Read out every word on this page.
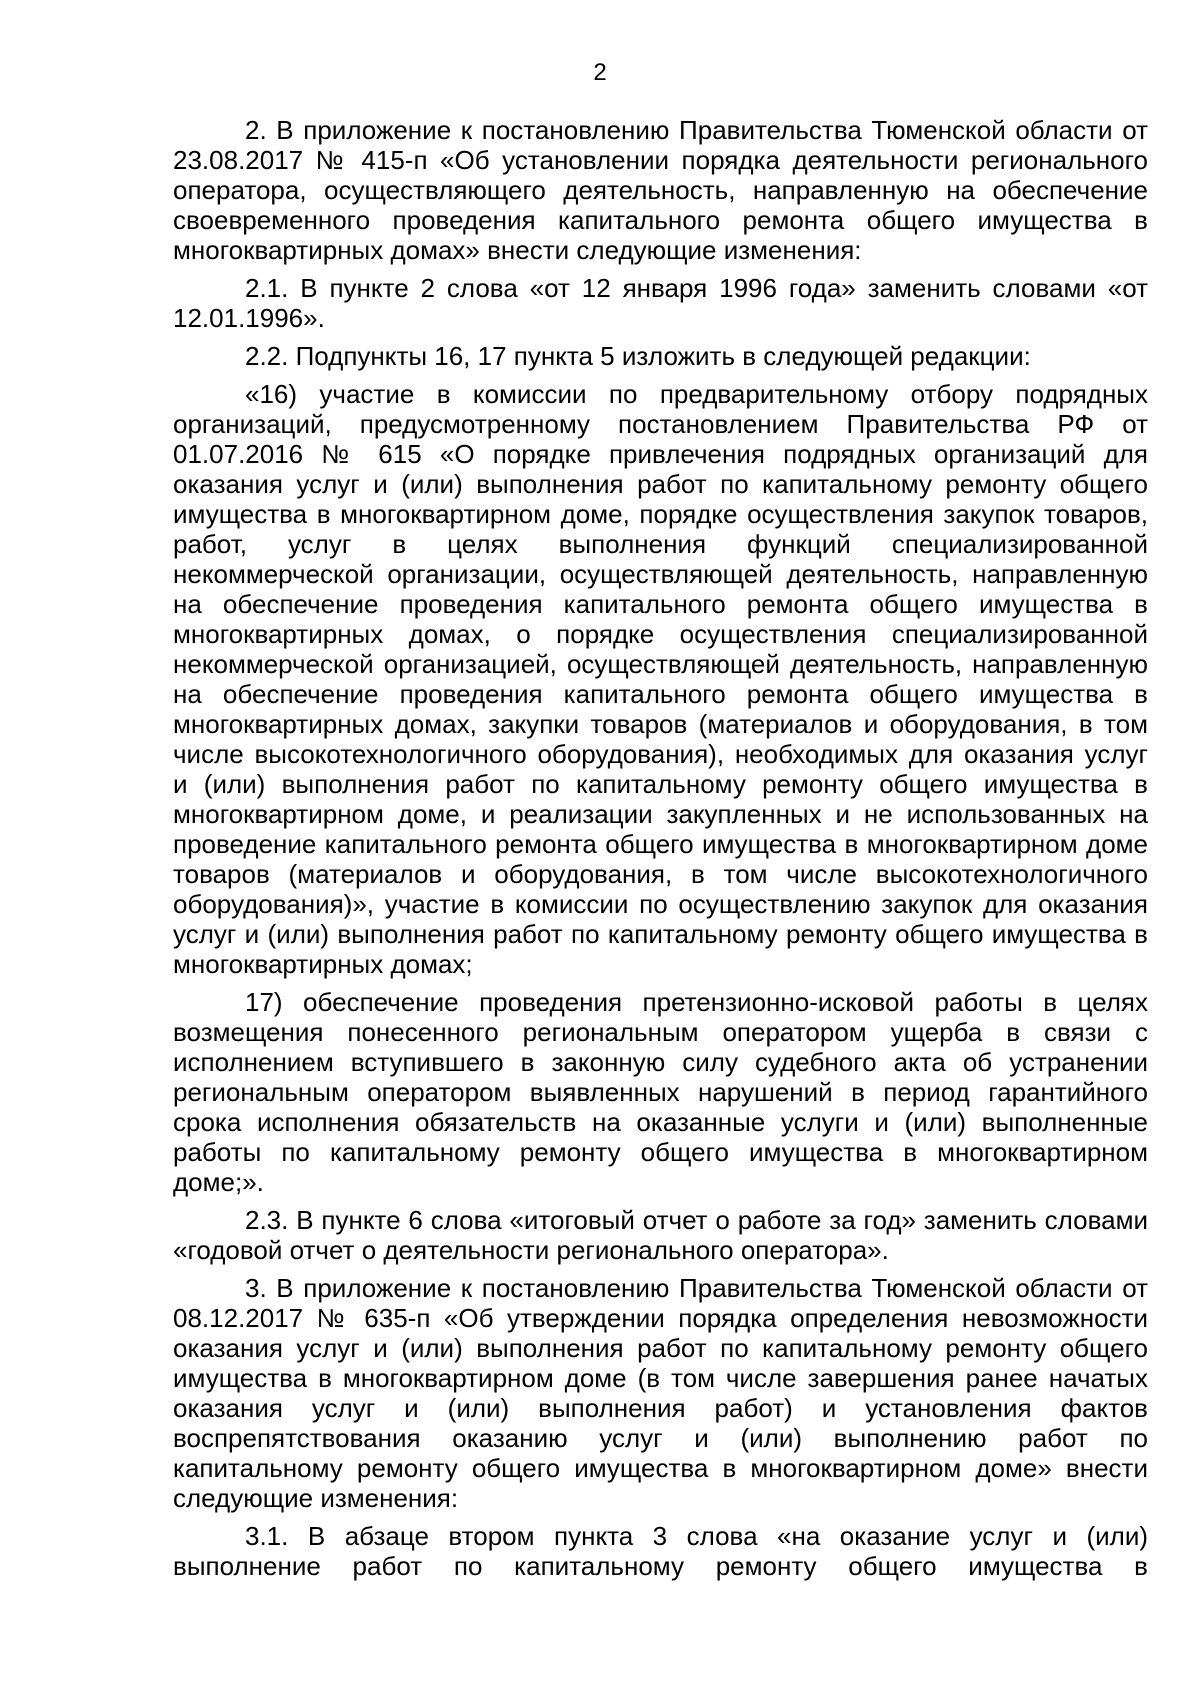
2

2. В приложение к постановлению Правительства Тюменской области от 23.08.2017 № 415-п «Об установлении порядка деятельности регионального оператора, осуществляющего деятельность, направленную на обеспечение своевременного проведения капитального ремонта общего имущества в многоквартирных домах» внести следующие изменения:

2.1. В пункте 2 слова «от 12 января 1996 года» заменить словами «от 12.01.1996».

2.2. Подпункты 16, 17 пункта 5 изложить в следующей редакции:

«16) участие в комиссии по предварительному отбору подрядных организаций, предусмотренному постановлением Правительства РФ от 01.07.2016 № 615 «О порядке привлечения подрядных организаций для оказания услуг и (или) выполнения работ по капитальному ремонту общего имущества в многоквартирном доме, порядке осуществления закупок товаров, работ, услуг в целях выполнения функций специализированной некоммерческой организации, осуществляющей деятельность, направленную на обеспечение проведения капитального ремонта общего имущества в многоквартирных домах, о порядке осуществления специализированной некоммерческой организацией, осуществляющей деятельность, направленную на обеспечение проведения капитального ремонта общего имущества в многоквартирных домах, закупки товаров (материалов и оборудования, в том числе высокотехнологичного оборудования), необходимых для оказания услуг и (или) выполнения работ по капитальному ремонту общего имущества в многоквартирном доме, и реализации закупленных и не использованных на проведение капитального ремонта общего имущества в многоквартирном доме товаров (материалов и оборудования, в том числе высокотехнологичного оборудования)», участие в комиссии по осуществлению закупок для оказания услуг и (или) выполнения работ по капитальному ремонту общего имущества в многоквартирных домах;

17) обеспечение проведения претензионно-исковой работы в целях возмещения понесенного региональным оператором ущерба в связи с исполнением вступившего в законную силу судебного акта об устранении региональным оператором выявленных нарушений в период гарантийного срока исполнения обязательств на оказанные услуги и (или) выполненные работы по капитальному ремонту общего имущества в многоквартирном доме;».

2.3. В пункте 6 слова «итоговый отчет о работе за год» заменить словами «годовой отчет о деятельности регионального оператора».

3. В приложение к постановлению Правительства Тюменской области от 08.12.2017 № 635-п «Об утверждении порядка определения невозможности оказания услуг и (или) выполнения работ по капитальному ремонту общего имущества в многоквартирном доме (в том числе завершения ранее начатых оказания услуг и (или) выполнения работ) и установления фактов воспрепятствования оказанию услуг и (или) выполнению работ по капитальному ремонту общего имущества в многоквартирном доме» внести следующие изменения:

3.1. В абзаце втором пункта 3 слова «на оказание услуг и (или) выполнение работ по капитальному ремонту общего имущества в
